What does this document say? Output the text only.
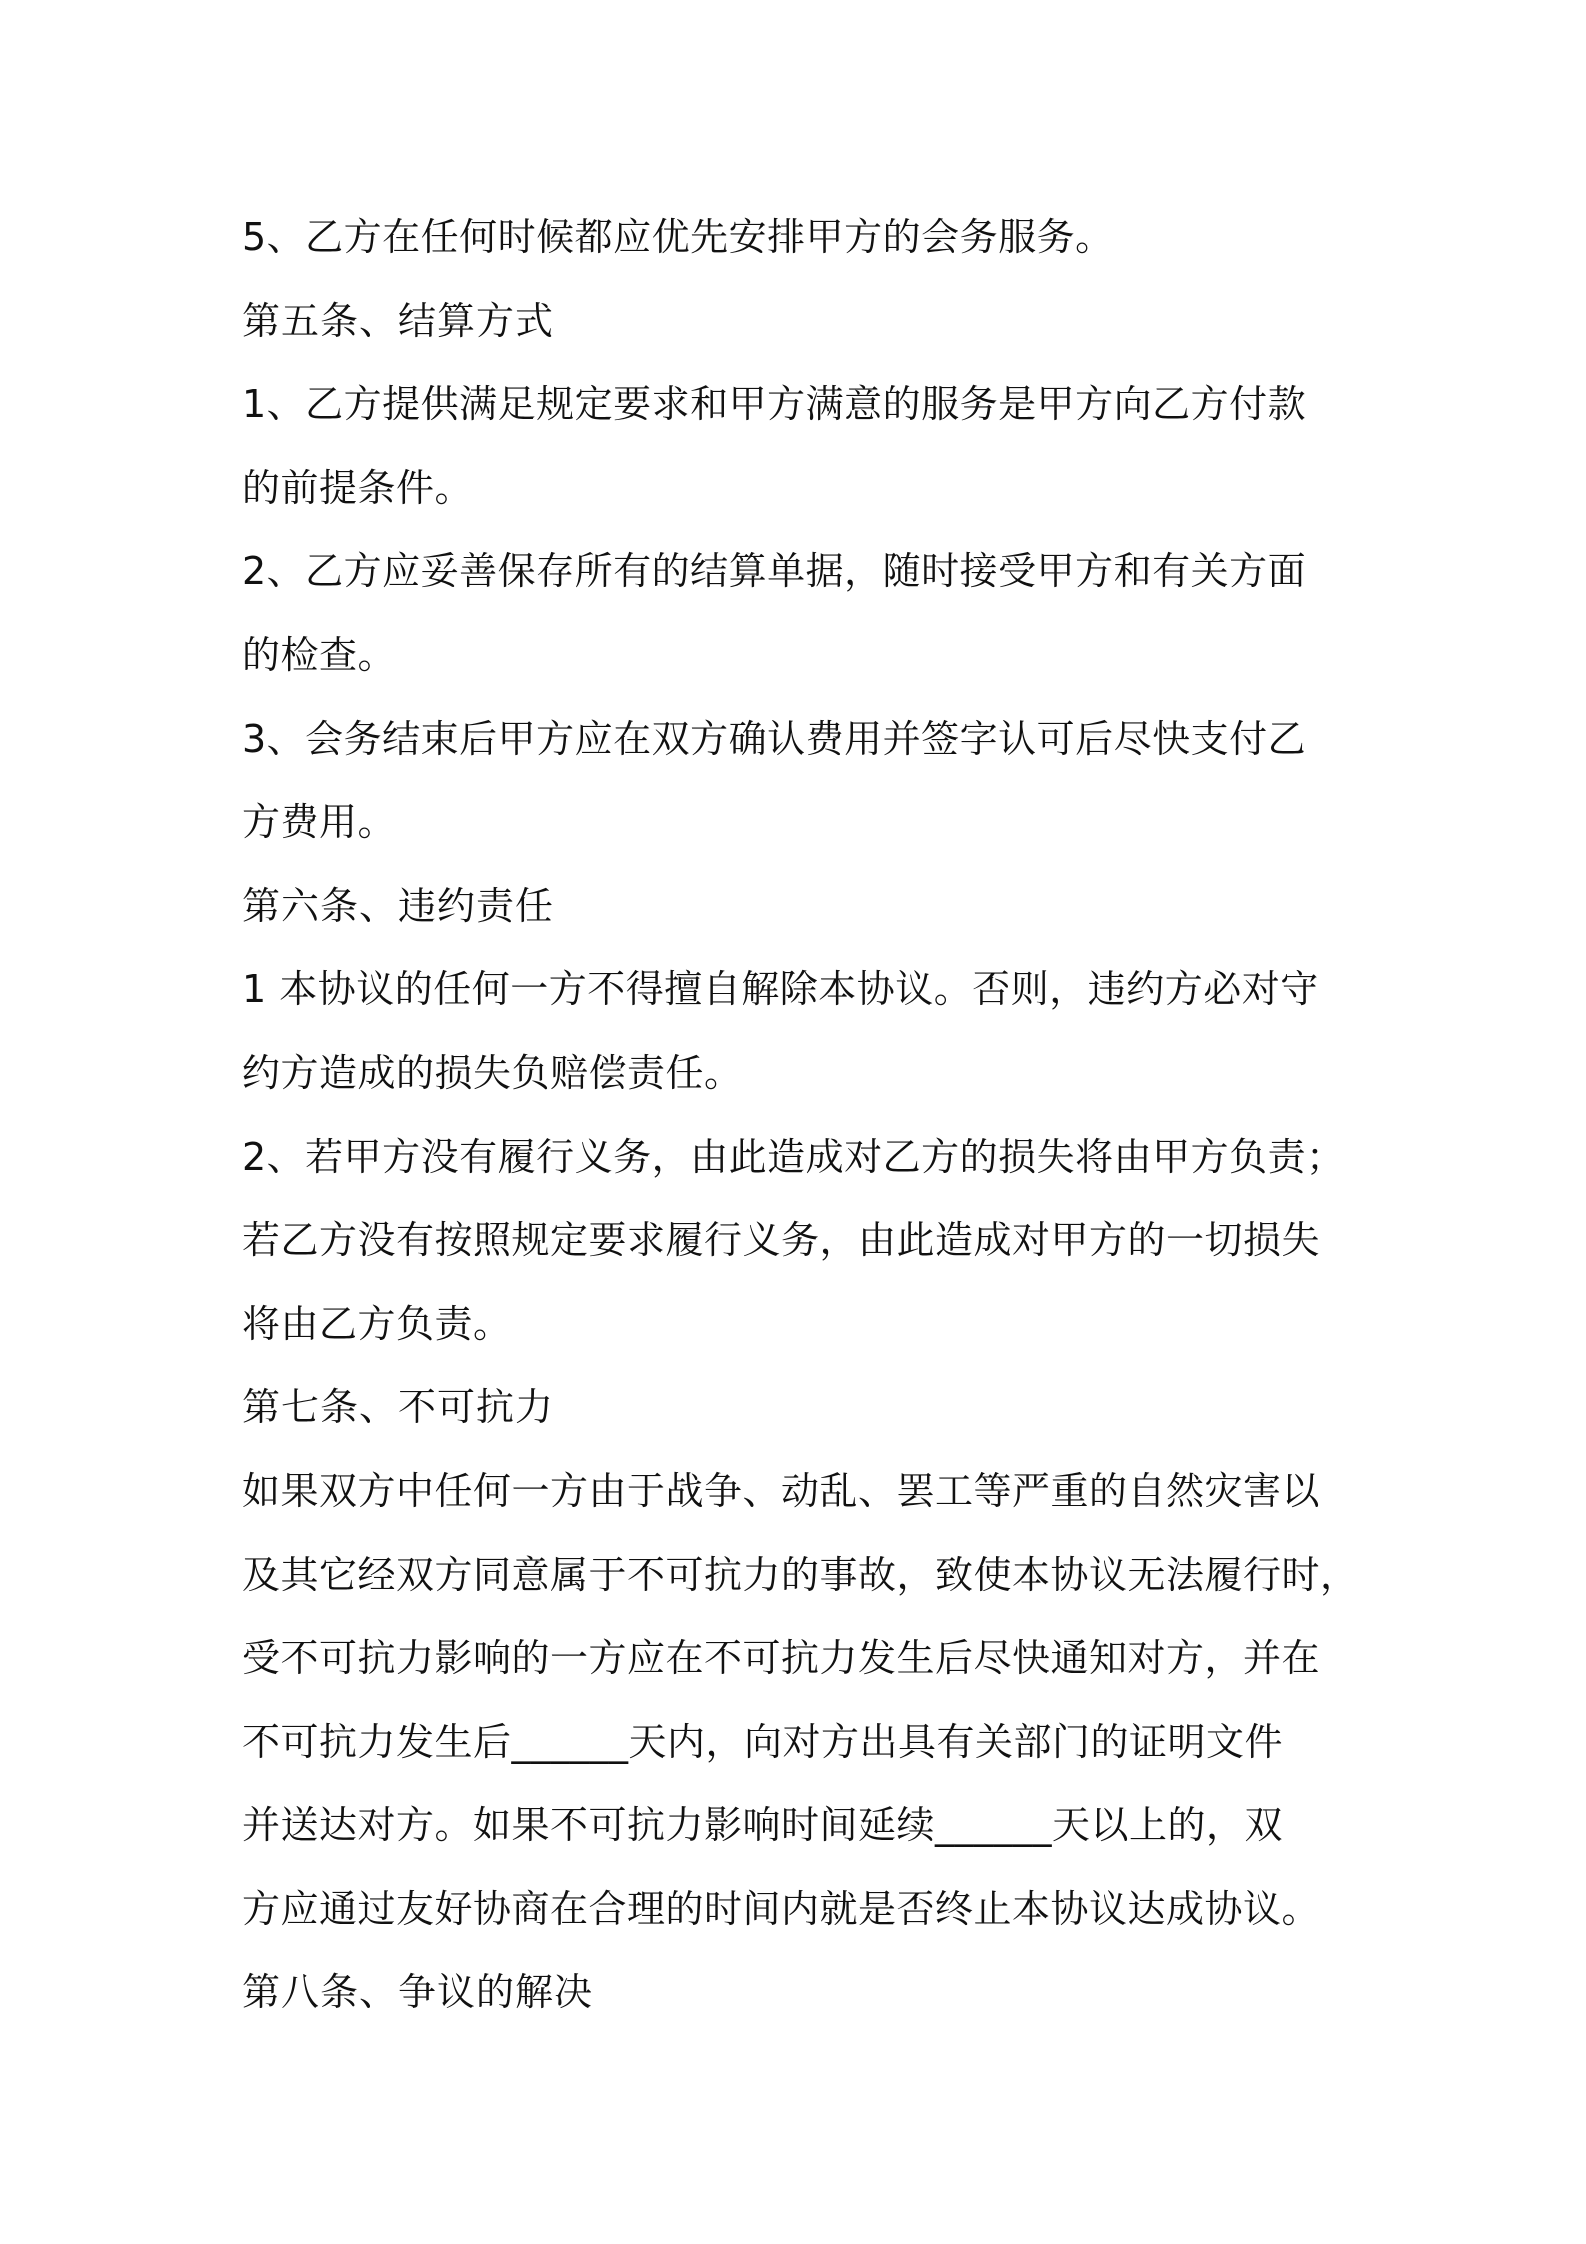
5、乙方在任何时候都应优先安排甲方的会务服务。
第五条、结算方式
1、乙方提供满足规定要求和甲方满意的服务是甲方向乙方付款
的前提条件。
2、乙方应妥善保存所有的结算单据，随时接受甲方和有关方面
的检查。
3、会务结束后甲方应在双方确认费用并签字认可后尽快支付乙
方费用。
第六条、违约责任
1 本协议的任何一方不得擅自解除本协议。否则，违约方必对守
约方造成的损失负赔偿责任。
2、若甲方没有履行义务，由此造成对乙方的损失将由甲方负责；
若乙方没有按照规定要求履行义务，由此造成对甲方的一切损失
将由乙方负责。
第七条、不可抗力
如果双方中任何一方由于战争、动乱、罢工等严重的自然灾害以
及其它经双方同意属于不可抗力的事故，致使本协议无法履行时，
受不可抗力影响的一方应在不可抗力发生后尽快通知对方，并在
不可抗力发生后______天内，向对方出具有关部门的证明文件
并送达对方。如果不可抗力影响时间延续______天以上的，双
方应通过友好协商在合理的时间内就是否终止本协议达成协议。
第八条、争议的解决
